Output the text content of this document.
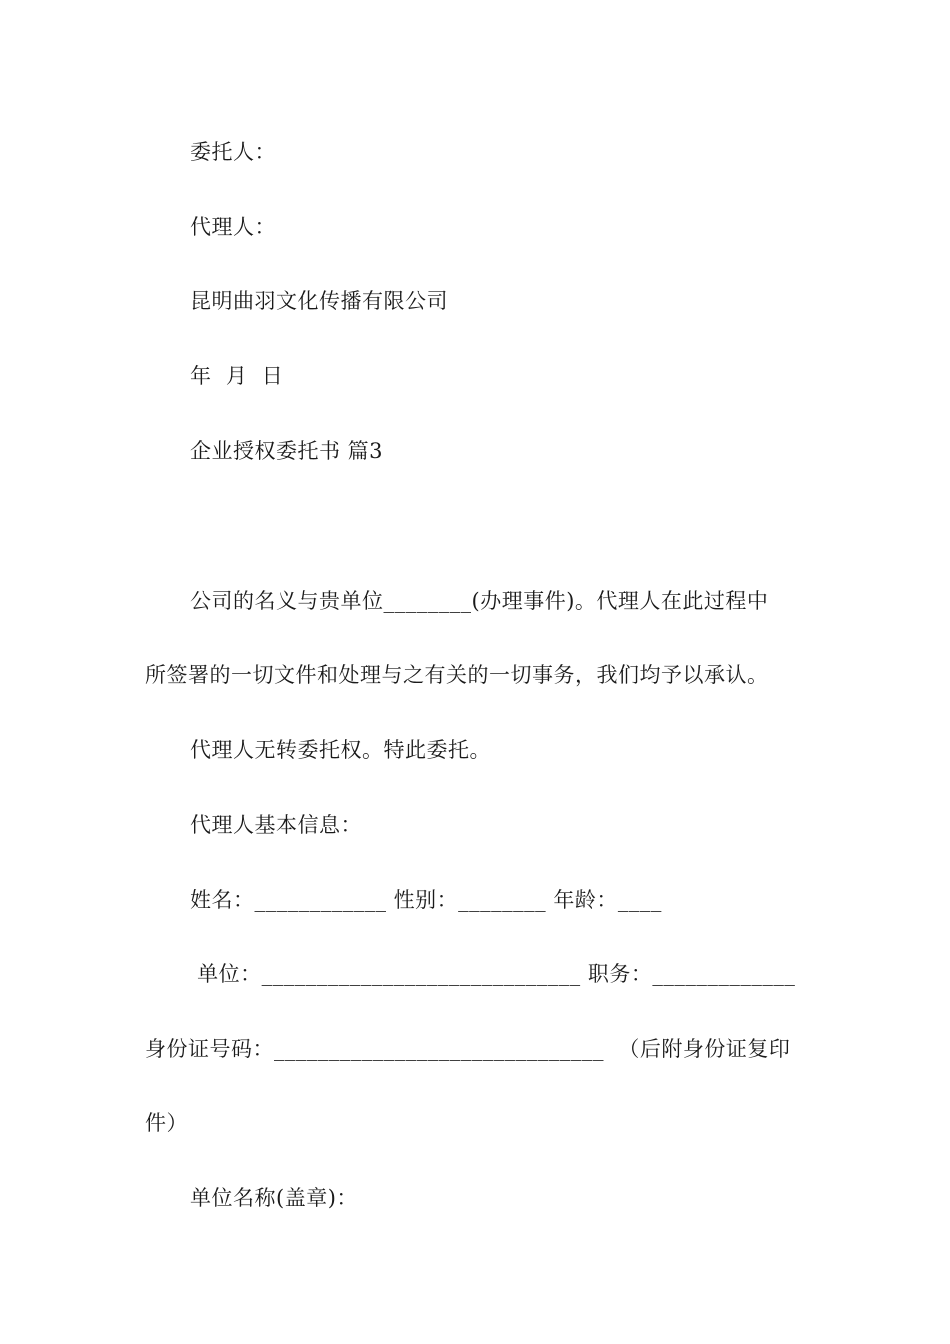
委托人：
代理人：
昆明曲羽文化传播有限公司
年  月  日
企业授权委托书 篇3
公司的名义与贵单位________(办理事件)。代理人在此过程中
所签署的一切文件和处理与之有关的一切事务，我们均予以承认。
代理人无转委托权。特此委托。
代理人基本信息：
姓名：____________ 性别：________ 年龄：____
单位：_____________________________ 职务：_____________
身份证号码：______________________________  （后附身份证复印
件）
单位名称(盖章)：
